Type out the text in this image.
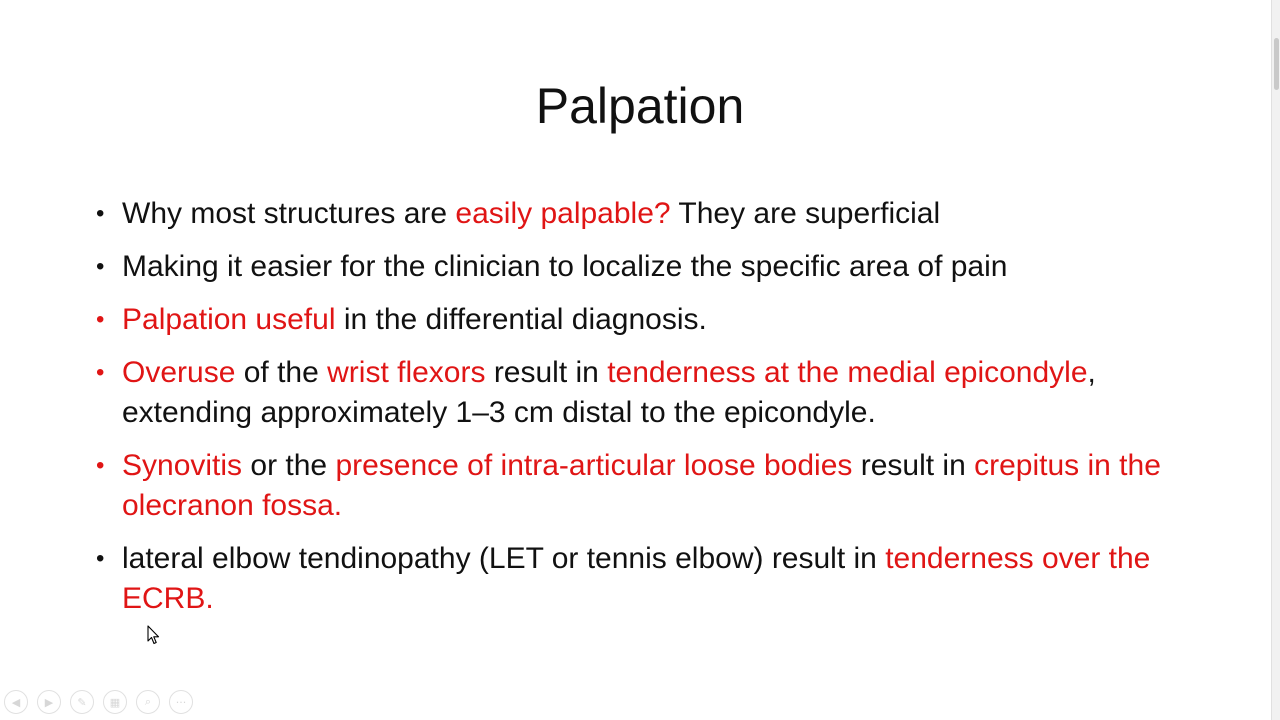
Palpation
• Why most structures are easily palpable? They are superficial
• Making it easier for the clinician to localize the specific area of pain
• Palpation useful in the differential diagnosis.
• Overuse of the wrist flexors result in tenderness at the medial epicondyle, extending approximately 1–3 cm distal to the epicondyle.
• Synovitis or the presence of intra-articular loose bodies result in crepitus in the olecranon fossa.
• lateral elbow tendinopathy (LET or tennis elbow) result in tenderness over the ECRB.
◀	▶	✎	▦	⌕	···
